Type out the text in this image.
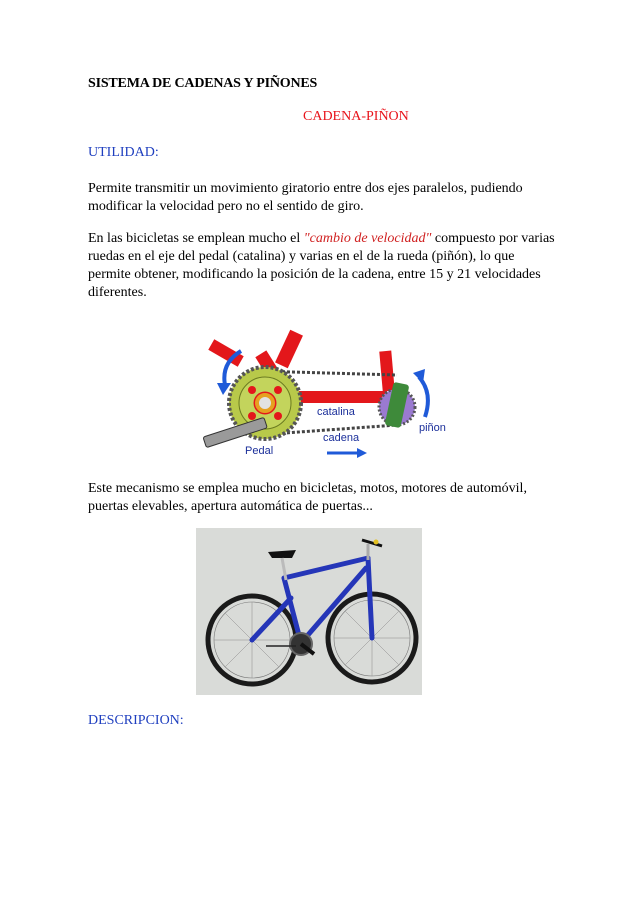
SISTEMA DE CADENAS Y PIÑONES
CADENA-PIÑON
UTILIDAD:
Permite transmitir un movimiento giratorio entre dos ejes paralelos, pudiendo modificar la velocidad pero no el sentido de giro.
En las bicicletas se emplean mucho el "cambio de velocidad" compuesto por varias ruedas en el eje del pedal (catalina) y varias en el de la rueda (piñón), lo que permite obtener, modificando la posición de la cadena, entre 15 y 21 velocidades diferentes.
catalina
cadena
piñon
Pedal
Este mecanismo se emplea mucho en bicicletas, motos, motores de automóvil, puertas elevables, apertura automática de puertas...
DESCRIPCION:
